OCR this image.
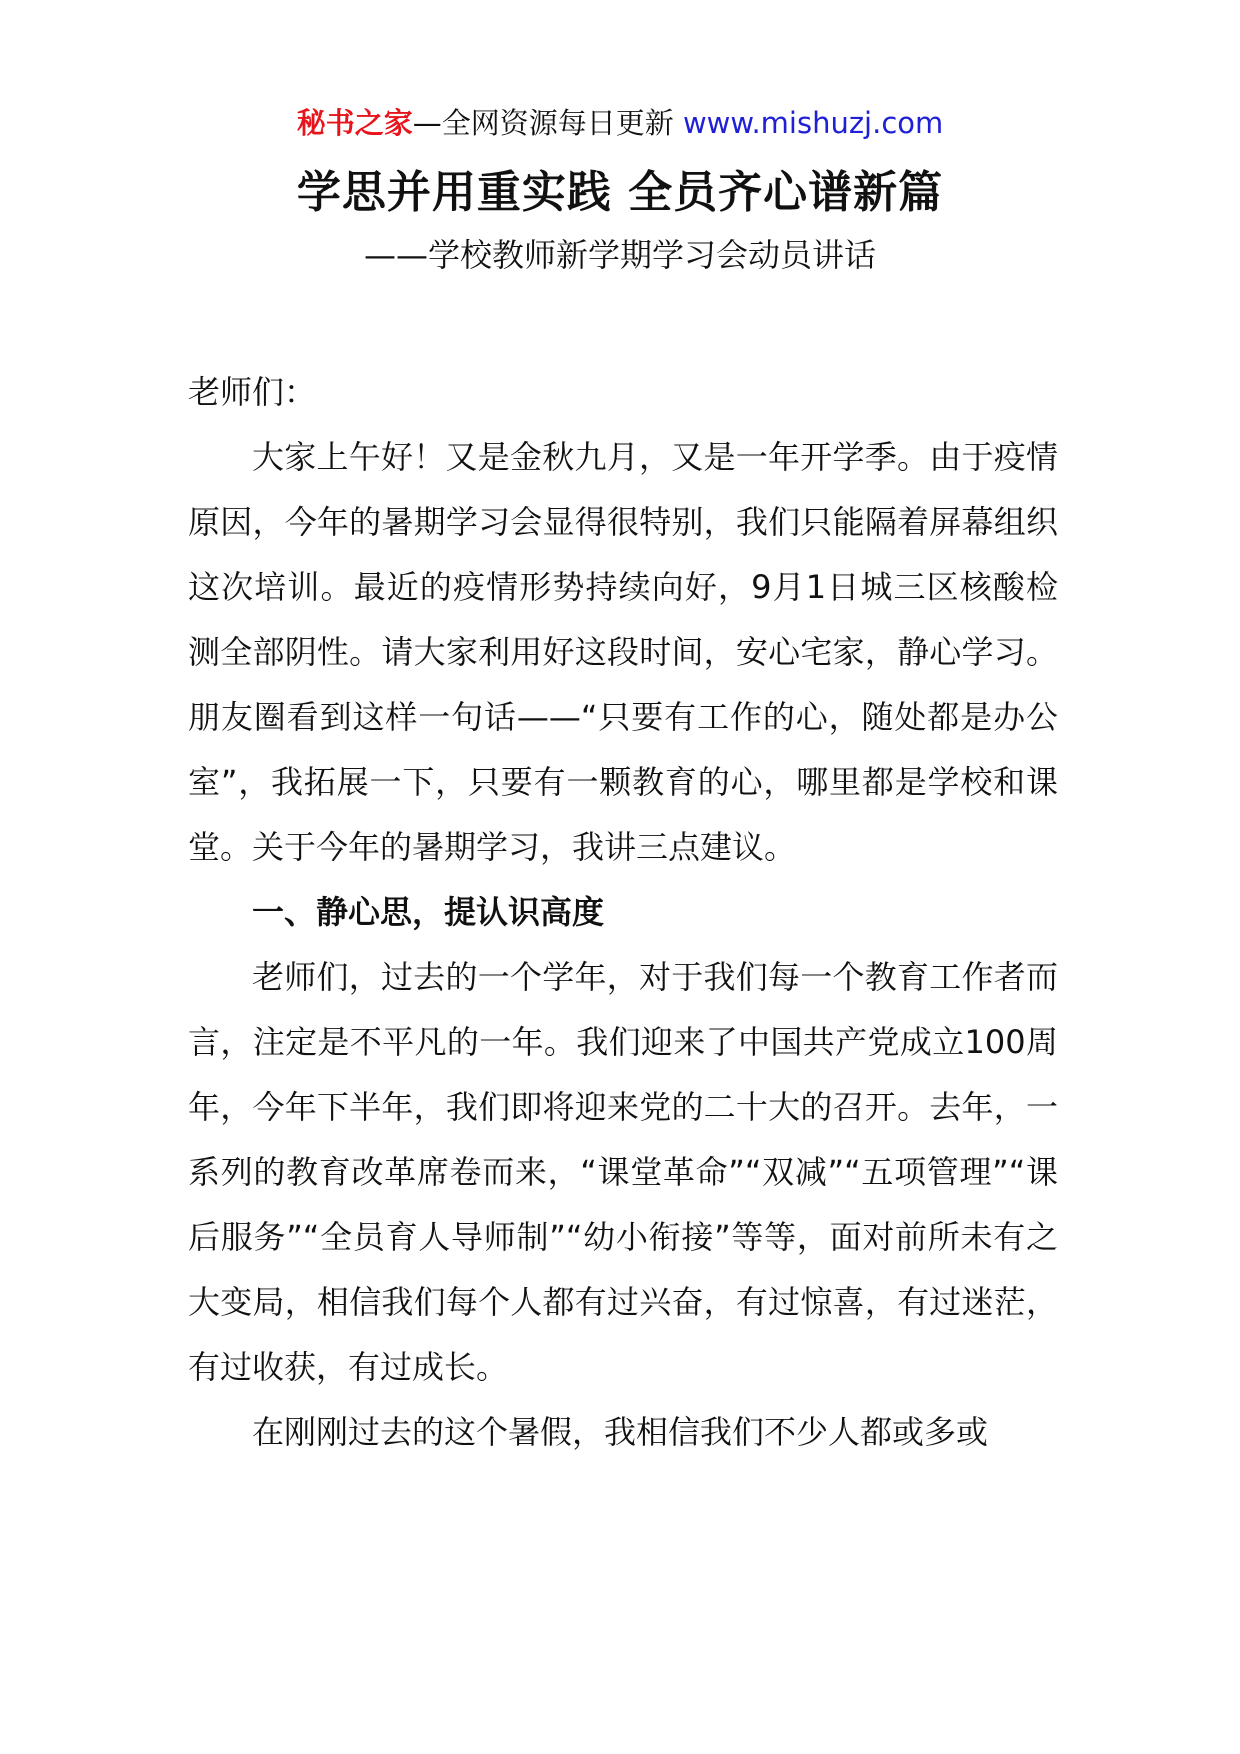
秘书之家—全网资源每日更新 www.mishuzj.com
学思并用重实践 全员齐心谱新篇
——学校教师新学期学习会动员讲话

老师们：

大家上午好！又是金秋九月，又是一年开学季。由于疫情原因，今年的暑期学习会显得很特别，我们只能隔着屏幕组织这次培训。最近的疫情形势持续向好，9月1日城三区核酸检测全部阴性。请大家利用好这段时间，安心宅家，静心学习。朋友圈看到这样一句话——“只要有工作的心，随处都是办公室”，我拓展一下，只要有一颗教育的心，哪里都是学校和课堂。关于今年的暑期学习，我讲三点建议。

一、静心思，提认识高度

老师们，过去的一个学年，对于我们每一个教育工作者而言，注定是不平凡的一年。我们迎来了中国共产党成立100周年，今年下半年，我们即将迎来党的二十大的召开。去年，一系列的教育改革席卷而来，“课堂革命”“双减”“五项管理”“课后服务”“全员育人导师制”“幼小衔接”等等，面对前所未有之大变局，相信我们每个人都有过兴奋，有过惊喜，有过迷茫，有过收获，有过成长。

在刚刚过去的这个暑假，我相信我们不少人都或多或
